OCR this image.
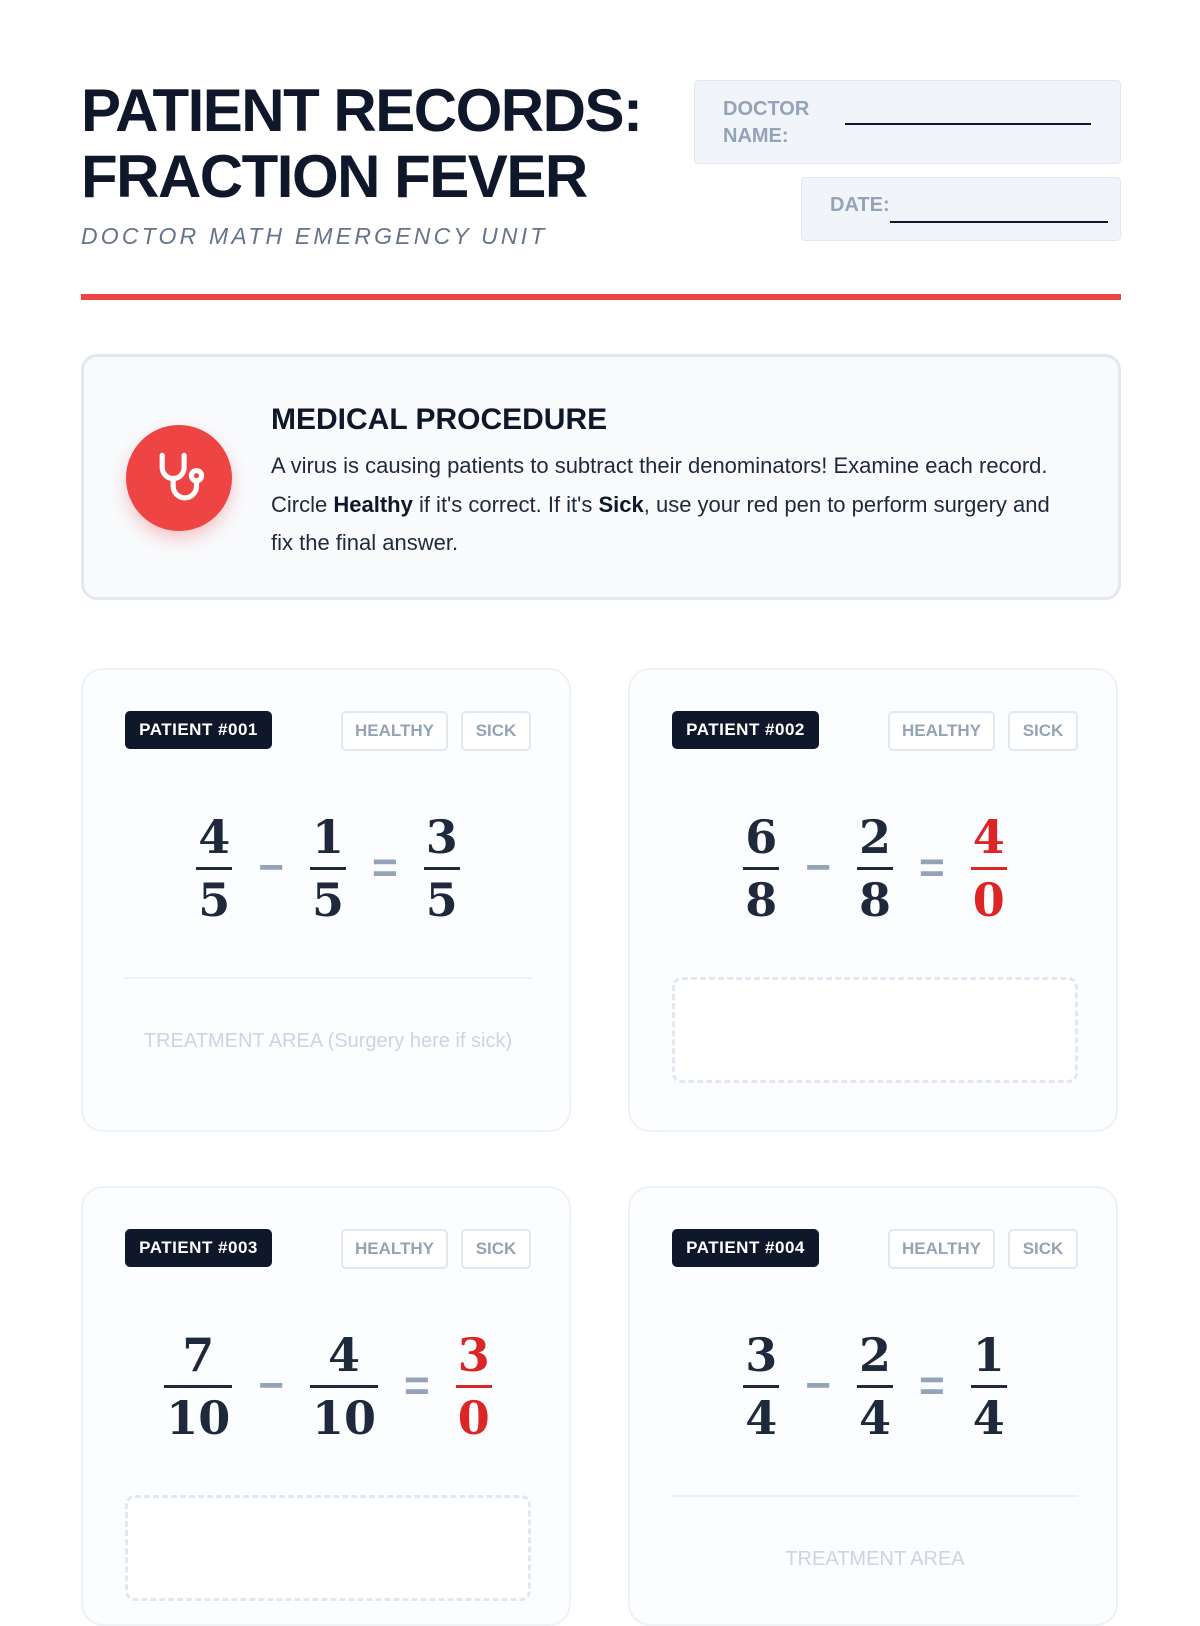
PATIENT RECORDS:
FRACTION FEVER
DOCTOR MATH EMERGENCY UNIT
DOCTOR
NAME:
DATE:
MEDICAL PROCEDURE
A virus is causing patients to subtract their denominators! Examine each record. Circle Healthy if it's correct. If it's Sick, use your red pen to perform surgery and fix the final answer.
PATIENT #001	HEALTHY	SICK
$\frac{4}{5} - \frac{1}{5} = \frac{3}{5}$
TREATMENT AREA (Surgery here if sick)
PATIENT #002	HEALTHY	SICK
$\frac{6}{8} - \frac{2}{8} = \frac{4}{0}$
PATIENT #003	HEALTHY	SICK
$\frac{7}{10} - \frac{4}{10} = \frac{3}{0}$
PATIENT #004	HEALTHY	SICK
$\frac{3}{4} - \frac{2}{4} = \frac{1}{4}$
TREATMENT AREA
